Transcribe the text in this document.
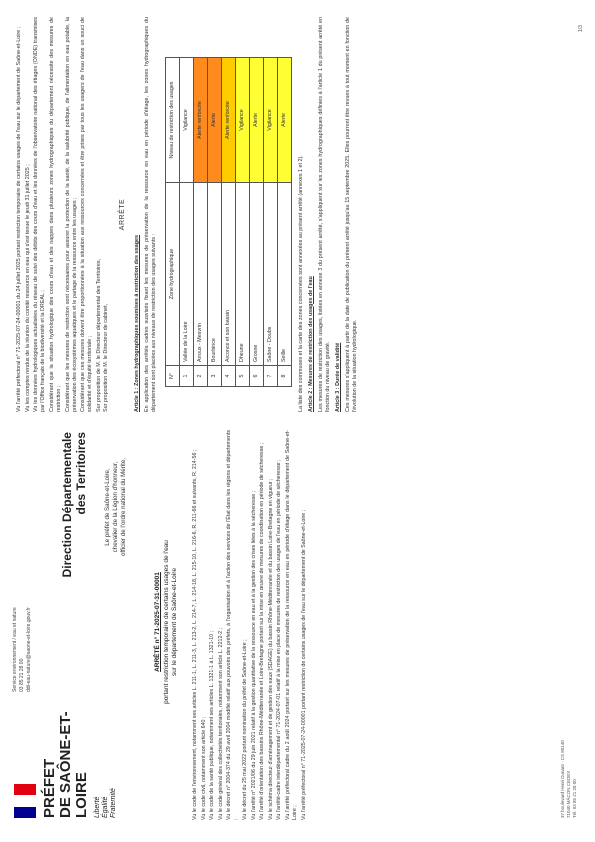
PRÉFET
DE SAÔNE-ET-LOIRE Liberté
Égalité
Fraternité
Service environnement / eau et nature
03 85 21 28 00
ddt-eau-nature@saone-et-loire.gouv.fr
Direction Départementale
des Territoires
Le préfet de Saône-et-Loire,
chevalier de la Légion d'honneur,
officier de l'ordre national du Mérite,
ARRÊTÉ n° 71-2025-07-31-00001
portant restriction temporaire de certains usages de l'eau
sur le département de Saône-et-Loire	Vu le code de l'environnement, notamment ses articles L. 211-1, L. 211-3, L. 213-2, L. 214-7, L. 214-18, L. 215-10, L. 216-6, R. 211-66 et suivants, R. 214-56 ; Vu le code civil, notamment son article 640 ; Vu le code de la santé publique, notamment ses articles L. 1321-1 à L. 1321-10 ; Vu le code général des collectivités territoriales, notamment son article L. 2212-2 ; Vu le décret n° 2004-374 du 29 avril 2004 modifié relatif aux pouvoirs des préfets, à l'organisation et à l'action des services de l'État dans les régions et départements ; Vu le décret du 25 mai 2022 portant nomination du préfet de Saône-et-Loire ; Vu l'arrêté n° 2021/06 du 29 juin 2021 relatif à la gestion quantitative de la ressource en eau et à la gestion des crises liées à la sécheresse ; Vu l'arrêté d'orientation des bassins Rhône-Méditerranée et Loire-Bretagne portant sur la mise en œuvre de mesures de coordination en période de sécheresse ; Vu le schéma directeur d'aménagement et de gestion des eaux (SDAGE) du bassin Rhône-Méditerranée et du bassin Loire-Bretagne en vigueur ; Vu l'arrêté-cadre interdépartemental n° 71-2024-07-01 relatif à la mise en place de mesures de restriction des usages de l'eau en période de sécheresse ; Vu l'arrêté préfectoral cadre du 2 août 2024 portant sur les mesures de préservation de la ressource en eau en période d'étiage dans le département de Saône-et-Loire ; Vu l'arrêté préfectoral n° 71-2025-07-24-00001 portant restriction de certains usages de l'eau sur le département de Saône-et-Loire ;	37 boulevard Henri Dunant - CS 80140
71040 MÂCON CEDEX
Tél. 03 85 21 28 00

Vu l'arrêté préfectoral n° 71-2025-07-24-00001 du 24 juillet 2025 portant restriction temporaire de certains usages de l'eau sur le département de Saône-et-Loire ; Vu les comptes rendus de la réunion du comité ressource en eau qui s'est tenue le jeudi 31 juillet 2025 ; Vu les données hydrologiques actualisées du réseau de suivi des débits des cours d'eau et les données de l'observatoire national des étiages (ONDE) transmises par l'Office français de la biodiversité et la DREAL ; Considérant que la situation hydrologique des cours d'eau et des nappes dans plusieurs zones hydrographiques du département nécessite des mesures de restriction ; Considérant que les mesures de restriction sont nécessaires pour assurer la protection de la santé, de la salubrité publique, de l'alimentation en eau potable, la préservation des écosystèmes aquatiques et le partage de la ressource entre les usages ; Considérant que ces mesures doivent être proportionnées à la situation aux ressources concernées et être prises par tous les usagers de l'eau dans un souci de solidarité et d'équité territoriale ; Sur proposition de M. le Directeur départemental des Territoires,
Sur proposition de M. le Directeur de cabinet,

ARRÊTE
Article 1 : Zones hydrographiques soumises à restriction des usages En application des arrêtés cadres susvisés fixant les mesures de préservation de la ressource en eau en période d'étiage, les zones hydrographiques du département sont placées aux niveaux de restriction des usages suivants : N°	Zone hydrographique	Niveau de restriction des usages
1	Vallée de la Loire	Vigilance
2	Arroux - Mesvrin	Alerte renforcée
3	Bourbince	Alerte
4	Arconce et son bassin	Alerte renforcée
5	Dheune	Vigilance
6	Grosne	Alerte
7	Saône - Doubs	Vigilance
8	Seille	Alerte

La liste des communes et la carte des zones concernées sont annexées au présent arrêté (annexes 1 et 2). Article 2 : Mesures de restriction des usages de l'eau Les mesures de restriction des usages, listées en annexe 3 du présent arrêté, s'appliquent sur les zones hydrographiques définies à l'article 1 du présent arrêté en fonction du niveau de gravité. Article 3 : Durée de validité Ces mesures s'appliquent à partir de la date de publication du présent arrêté jusqu'au 15 septembre 2025. Elles pourront être revues à tout moment en fonction de l'évolution de la situation hydrologique.

1/3
